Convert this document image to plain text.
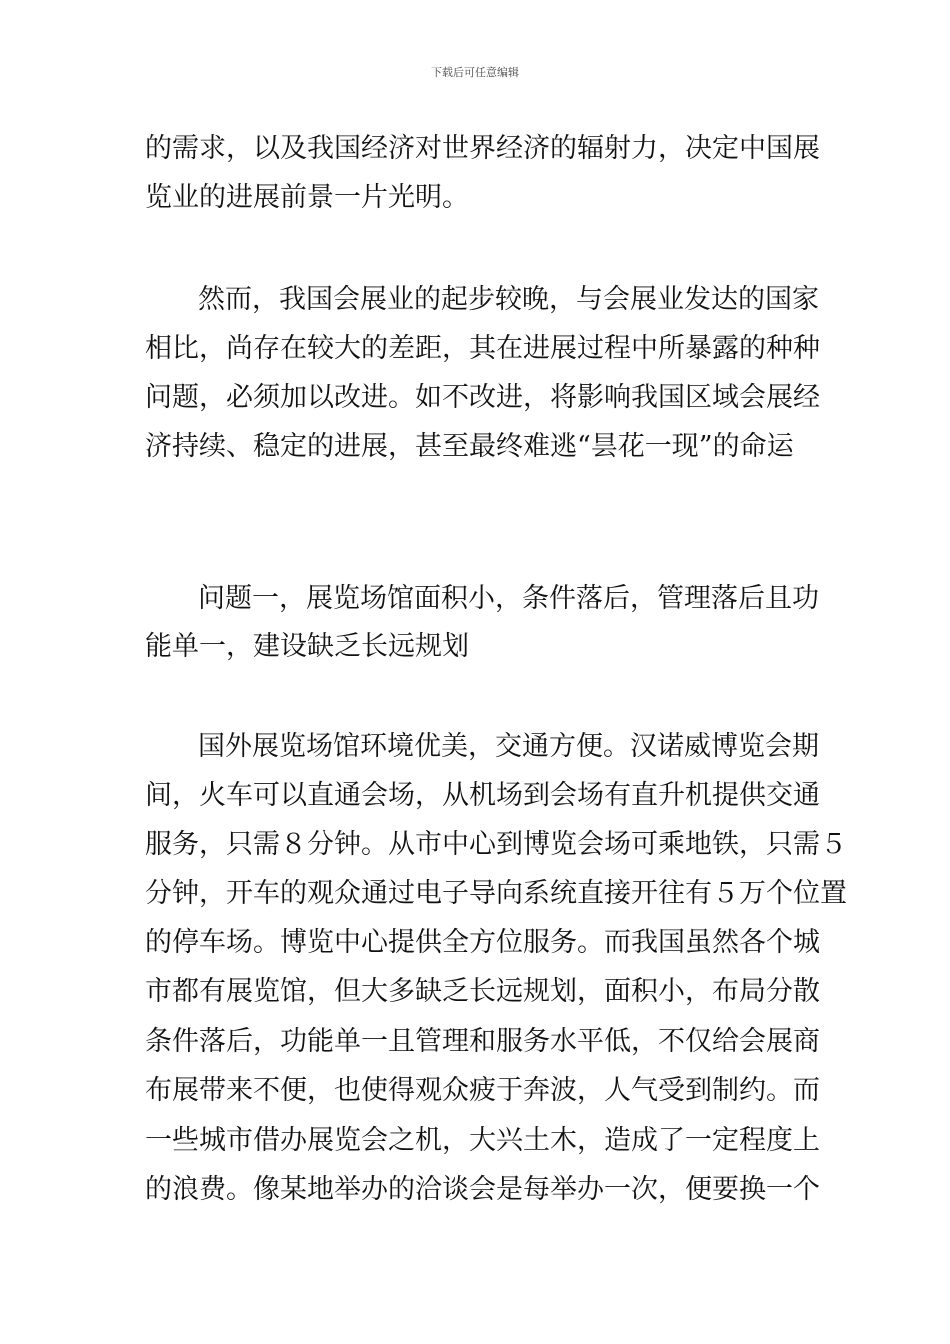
下载后可任意编辑
的需求，以及我国经济对世界经济的辐射力，决定中国展
览业的进展前景一片光明。
然而，我国会展业的起步较晚，与会展业发达的国家
相比，尚存在较大的差距，其在进展过程中所暴露的种种
问题，必须加以改进。如不改进，将影响我国区域会展经
济持续、稳定的进展，甚至最终难逃“昙花一现”的命运
问题一，展览场馆面积小，条件落后，管理落后且功
能单一，建设缺乏长远规划
国外展览场馆环境优美，交通方便。汉诺威博览会期
间，火车可以直通会场，从机场到会场有直升机提供交通
服务，只需８分钟。从市中心到博览会场可乘地铁，只需５
分钟，开车的观众通过电子导向系统直接开往有５万个位置
的停车场。博览中心提供全方位服务。而我国虽然各个城
市都有展览馆，但大多缺乏长远规划，面积小，布局分散
条件落后，功能单一且管理和服务水平低，不仅给会展商
布展带来不便，也使得观众疲于奔波，人气受到制约。而
一些城市借办展览会之机，大兴土木，造成了一定程度上
的浪费。像某地举办的洽谈会是每举办一次，便要换一个
